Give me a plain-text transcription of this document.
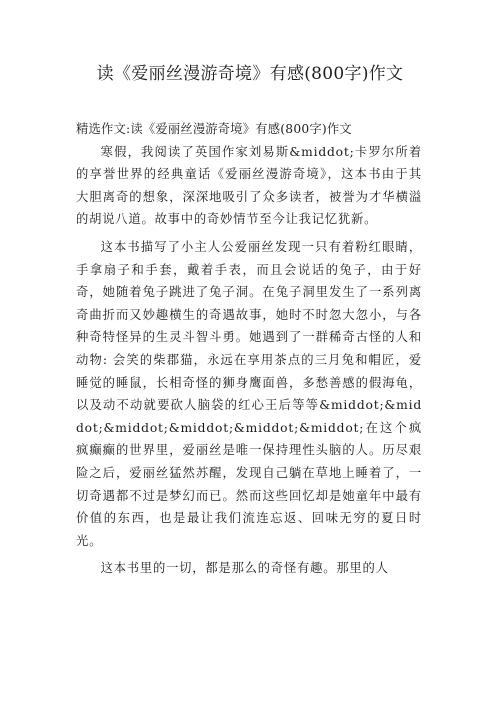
读《爱丽丝漫游奇境》有感(800字)作文

精选作文:读《爱丽丝漫游奇境》有感(800字)作文

寒假，我阅读了英国作家刘易斯&middot;卡罗尔所着的享誉世界的经典童话《爱丽丝漫游奇境》，这本书由于其大胆离奇的想象，深深地吸引了众多读者，被誉为才华横溢的胡说八道。故事中的奇妙情节至今让我记忆犹新。

这本书描写了小主人公爱丽丝发现一只有着粉红眼睛，手拿扇子和手套，戴着手表，而且会说话的兔子，由于好奇，她随着兔子跳进了兔子洞。在兔子洞里发生了一系列离奇曲折而又妙趣横生的奇遇故事，她时不时忽大忽小，与各种奇特怪异的生灵斗智斗勇。她遇到了一群稀奇古怪的人和动物: 会笑的柴郡猫，永远在享用茶点的三月兔和帽匠，爱睡觉的睡鼠，长相奇怪的狮身鹰面兽，多愁善感的假海龟，以及动不动就要砍人脑袋的红心王后等等&middot;&middot;&middot;&middot;&middot;&middot;在这个疯疯癫癫的世界里，爱丽丝是唯一保持理性头脑的人。历尽艰险之后，爱丽丝猛然苏醒，发现自己躺在草地上睡着了，一切奇遇都不过是梦幻而已。然而这些回忆却是她童年中最有价值的东西，也是最让我们流连忘返、回味无穷的夏日时光。

这本书里的一切，都是那么的奇怪有趣。那里的人
